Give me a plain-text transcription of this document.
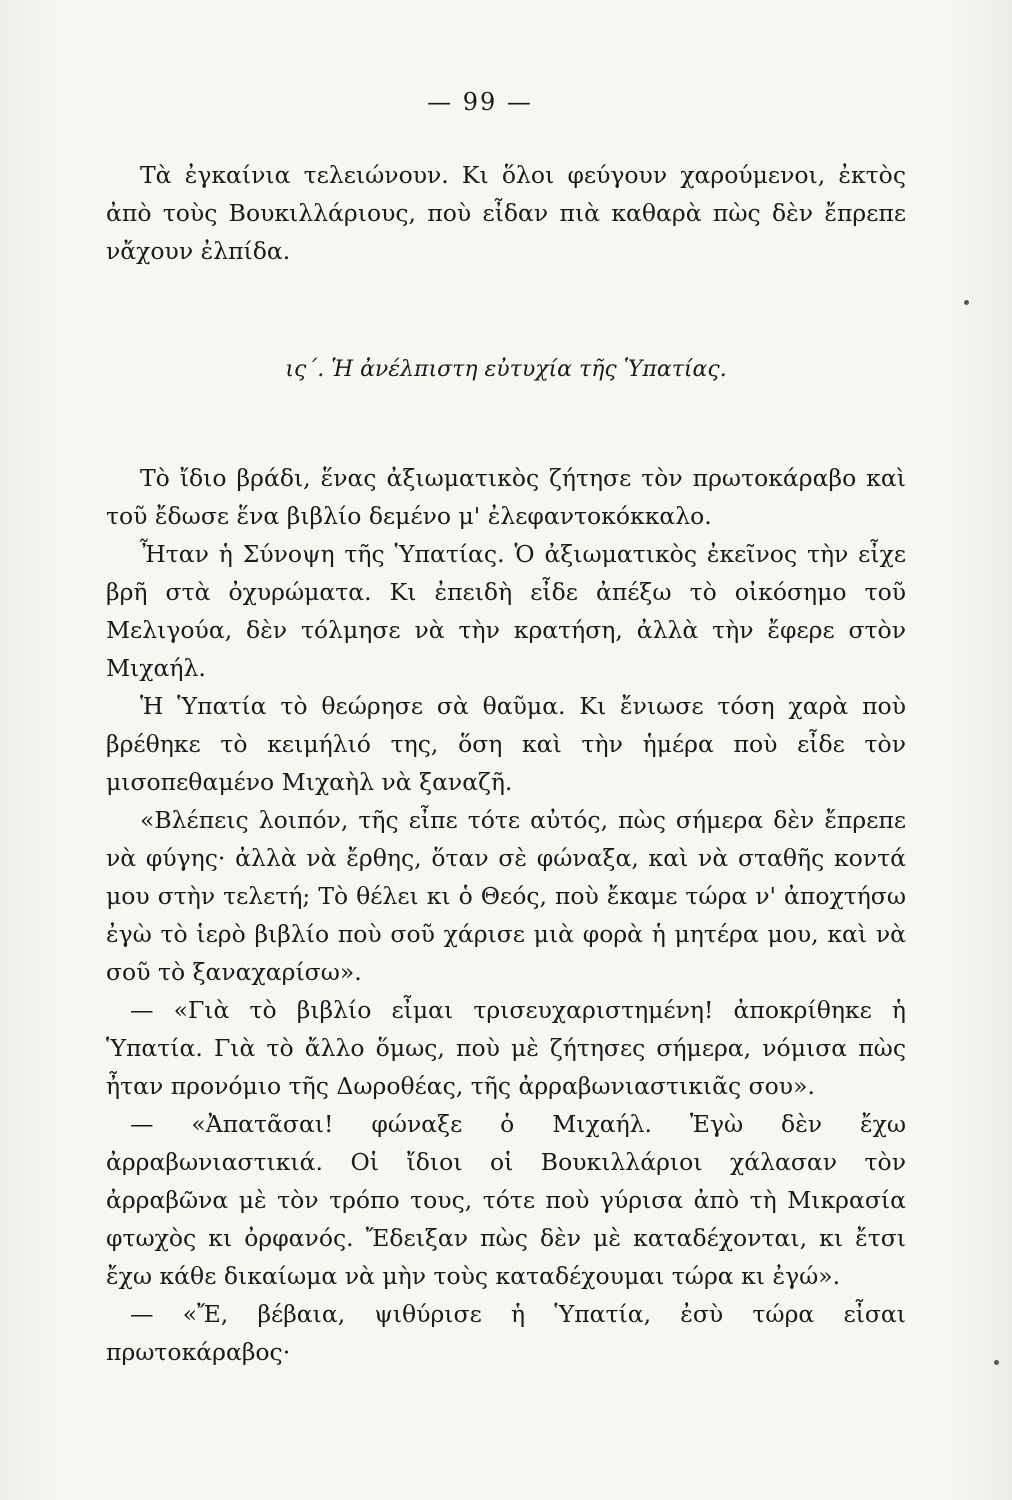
— 99 —

Τὰ ἐγκαίνια τελειώνουν. Κι ὅλοι φεύγουν χαρούμενοι, ἐκτὸς ἀπὸ τοὺς Βουκιλλάριους, ποὺ εἶδαν πιὰ καθαρὰ πὼς δὲν ἔπρεπε νἄχουν ἐλπίδα.

ις΄. Ἡ ἀνέλπιστη εὐτυχία τῆς Ὑπατίας.

Τὸ ἴδιο βράδι, ἕνας ἀξιωματικὸς ζήτησε τὸν πρωτοκάραβο καὶ τοῦ ἔδωσε ἕνα βιβλίο δεμένο μ' ἐλεφαντοκόκκαλο.

Ἦταν ἡ Σύνοψη τῆς Ὑπατίας. Ὁ ἀξιωματικὸς ἐκεῖνος τὴν εἶχε βρῆ στὰ ὀχυρώματα. Κι ἐπειδὴ εἶδε ἀπέξω τὸ οἰκόσημο τοῦ Μελιγούα, δὲν τόλμησε νὰ τὴν κρατήση, ἀλλὰ τὴν ἔφερε στὸν Μιχαήλ.

Ἡ Ὑπατία τὸ θεώρησε σὰ θαῦμα. Κι ἔνιωσε τόση χαρὰ ποὺ βρέθηκε τὸ κειμήλιό της, ὅση καὶ τὴν ἡμέρα ποὺ εἶδε τὸν μισοπεθαμένο Μιχαὴλ νὰ ξαναζῆ.

«Βλέπεις λοιπόν, τῆς εἶπε τότε αὐτός, πὼς σήμερα δὲν ἔπρεπε νὰ φύγης· ἀλλὰ νὰ ἔρθης, ὅταν σὲ φώναξα, καὶ νὰ σταθῆς κοντά μου στὴν τελετή; Τὸ θέλει κι ὁ Θεός, ποὺ ἔκαμε τώρα ν' ἀποχτήσω ἐγὼ τὸ ἱερὸ βιβλίο ποὺ σοῦ χάρισε μιὰ φορὰ ἡ μητέρα μου, καὶ νὰ σοῦ τὸ ξαναχαρίσω».

— «Γιὰ τὸ βιβλίο εἶμαι τρισευχαριστημένη! ἀποκρίθηκε ἡ Ὑπατία. Γιὰ τὸ ἄλλο ὅμως, ποὺ μὲ ζήτησες σήμερα, νόμισα πὼς ἦταν προνόμιο τῆς Δωροθέας, τῆς ἀρραβωνιαστικιᾶς σου».

— «Ἀπατᾶσαι! φώναξε ὁ Μιχαήλ. Ἐγὼ δὲν ἔχω ἀρραβωνιαστικιά. Οἱ ἴδιοι οἱ Βουκιλλάριοι χάλασαν τὸν ἀρραβῶνα μὲ τὸν τρόπο τους, τότε ποὺ γύρισα ἀπὸ τὴ Μικρασία φτωχὸς κι ὀρφανός. Ἔδειξαν πὼς δὲν μὲ καταδέχονται, κι ἔτσι ἔχω κάθε δικαίωμα νὰ μὴν τοὺς καταδέχουμαι τώρα κι ἐγώ».

— «Ἔ, βέβαια, ψιθύρισε ἡ Ὑπατία, ἐσὺ τώρα εἶσαι πρωτοκάραβος·
